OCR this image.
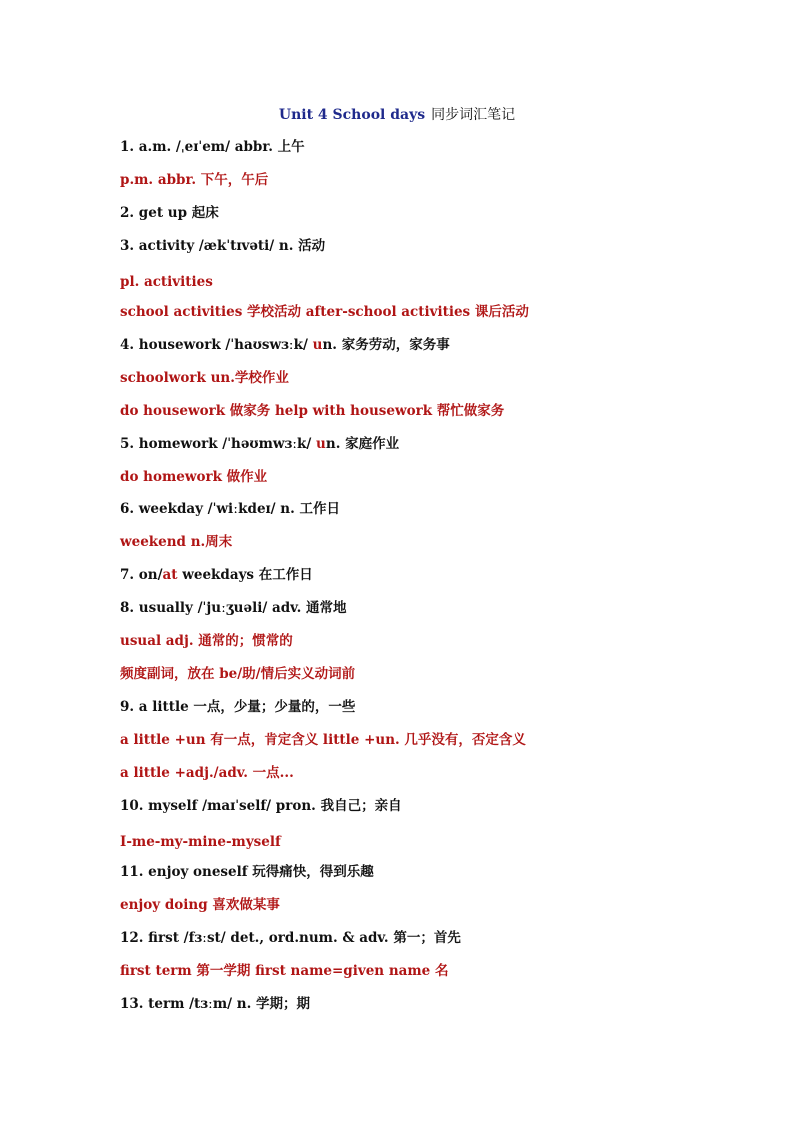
Unit 4 School days 同步词汇笔记
1. a.m. /ˌeɪˈem/ abbr. 上午
p.m. abbr. 下午，午后
2. get up 起床
3. activity /ækˈtɪvəti/ n. 活动
pl. activities
school activities 学校活动 after-school activities 课后活动
4. housework /ˈhaʊswɜːk/ un. 家务劳动，家务事
schoolwork un.学校作业
do housework 做家务 help with housework 帮忙做家务
5. homework /ˈhəʊmwɜːk/ un. 家庭作业
do homework 做作业
6. weekday /ˈwiːkdeɪ/ n. 工作日
weekend n.周末
7. on/at weekdays 在工作日
8. usually /ˈjuːʒuəli/ adv. 通常地
usual adj. 通常的；惯常的
频度副词，放在 be/助/情后实义动词前
9. a little 一点，少量；少量的，一些
a little +un 有一点，肯定含义 little +un. 几乎没有，否定含义
a little +adj./adv. 一点...
10. myself /maɪˈself/ pron. 我自己；亲自
I-me-my-mine-myself
11. enjoy oneself 玩得痛快，得到乐趣
enjoy doing 喜欢做某事
12. first /fɜːst/ det., ord.num. & adv. 第一；首先
first term 第一学期 first name=given name 名
13. term /tɜːm/ n. 学期；期
